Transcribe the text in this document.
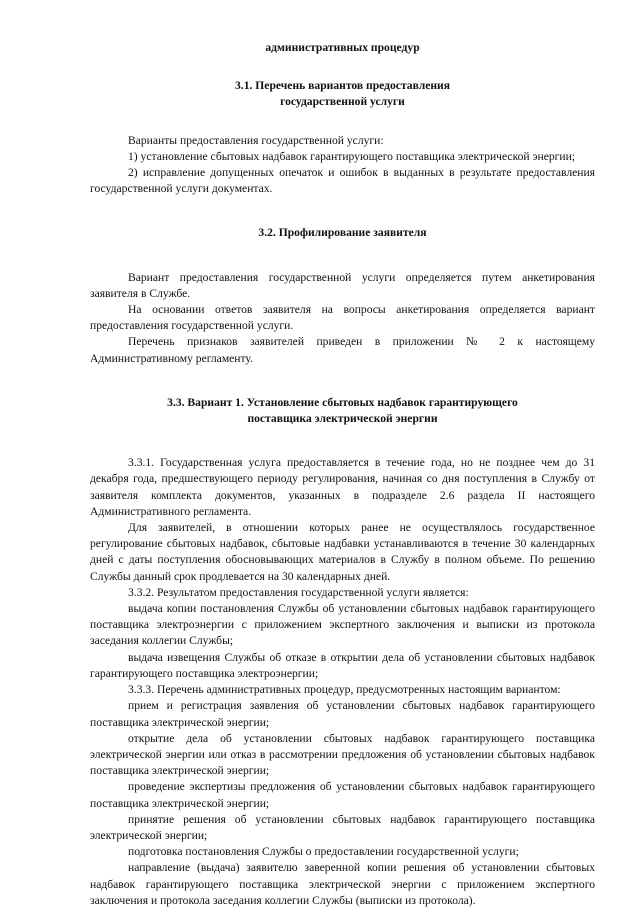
административных процедур

3.1. Перечень вариантов предоставления

государственной услуги

Варианты предоставления государственной услуги:

1) установление сбытовых надбавок гарантирующего поставщика электрической энергии;

2) исправление допущенных опечаток и ошибок в выданных в результате предоставления государственной услуги документах.

3.2. Профилирование заявителя

Вариант предоставления государственной услуги определяется путем анкетирования заявителя в Службе.

На основании ответов заявителя на вопросы анкетирования определяется вариант предоставления государственной услуги.

Перечень признаков заявителей приведен в приложении № 2 к настоящему Административному регламенту.

3.3. Вариант 1. Установление сбытовых надбавок гарантирующего

поставщика электрической энергии

3.3.1. Государственная услуга предоставляется в течение года, но не позднее чем до 31 декабря года, предшествующего периоду регулирования, начиная со дня поступления в Службу от заявителя комплекта документов, указанных в подразделе 2.6 раздела II настоящего Административного регламента.

Для заявителей, в отношении которых ранее не осуществлялось государственное регулирование сбытовых надбавок, сбытовые надбавки устанавливаются в течение 30 календарных дней с даты поступления обосновывающих материалов в Службу в полном объеме. По решению Службы данный срок продлевается на 30 календарных дней.

3.3.2. Результатом предоставления государственной услуги является:

выдача копии постановления Службы об установлении сбытовых надбавок гарантирующего поставщика электроэнергии с приложением экспертного заключения и выписки из протокола заседания коллегии Службы;

выдача извещения Службы об отказе в открытии дела об установлении сбытовых надбавок гарантирующего поставщика электроэнергии;

3.3.3. Перечень административных процедур, предусмотренных настоящим вариантом:

прием и регистрация заявления об установлении сбытовых надбавок гарантирующего поставщика электрической энергии;

открытие дела об установлении сбытовых надбавок гарантирующего поставщика электрической энергии или отказ в рассмотрении предложения об установлении сбытовых надбавок поставщика электрической энергии;

проведение экспертизы предложения об установлении сбытовых надбавок гарантирующего поставщика электрической энергии;

принятие решения об установлении сбытовых надбавок гарантирующего поставщика электрической энергии;

подготовка постановления Службы о предоставлении государственной услуги;

направление (выдача) заявителю заверенной копии решения об установлении сбытовых надбавок гарантирующего поставщика электрической энергии с приложением экспертного заключения и протокола заседания коллегии Службы (выписки из протокола).
